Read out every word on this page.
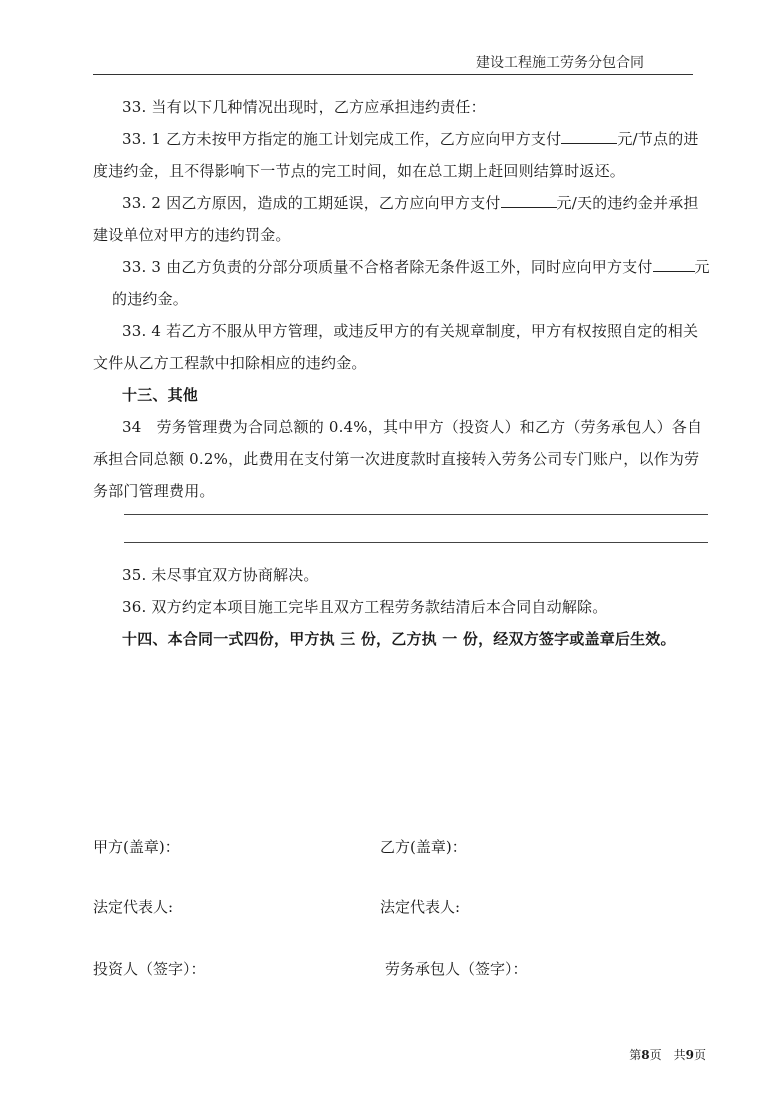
建设工程施工劳务分包合同
33. 当有以下几种情况出现时，乙方应承担违约责任：
33. 1 乙方未按甲方指定的施工计划完成工作，乙方应向甲方支付	元/节点的进
度违约金，且不得影响下一节点的完工时间，如在总工期上赶回则结算时返还。
33. 2 因乙方原因，造成的工期延误，乙方应向甲方支付	元/天的违约金并承担
建设单位对甲方的违约罚金。
33. 3 由乙方负责的分部分项质量不合格者除无条件返工外，同时应向甲方支付	元
的违约金。
33. 4 若乙方不服从甲方管理，或违反甲方的有关规章制度，甲方有权按照自定的相关
文件从乙方工程款中扣除相应的违约金。
十三、其他
34　劳务管理费为合同总额的 0.4%，其中甲方（投资人）和乙方（劳务承包人）各自
承担合同总额 0.2%，此费用在支付第一次进度款时直接转入劳务公司专门账户，以作为劳
务部门管理费用。
35. 未尽事宜双方协商解决。
36. 双方约定本项目施工完毕且双方工程劳务款结清后本合同自动解除。
十四、本合同一式四份，甲方执 三 份，乙方执 一 份，经双方签字或盖章后生效。
甲方(盖章)：	乙方(盖章)：
法定代表人:	法定代表人:
投资人（签字）：	劳务承包人（签字）：
第8页　共9页
